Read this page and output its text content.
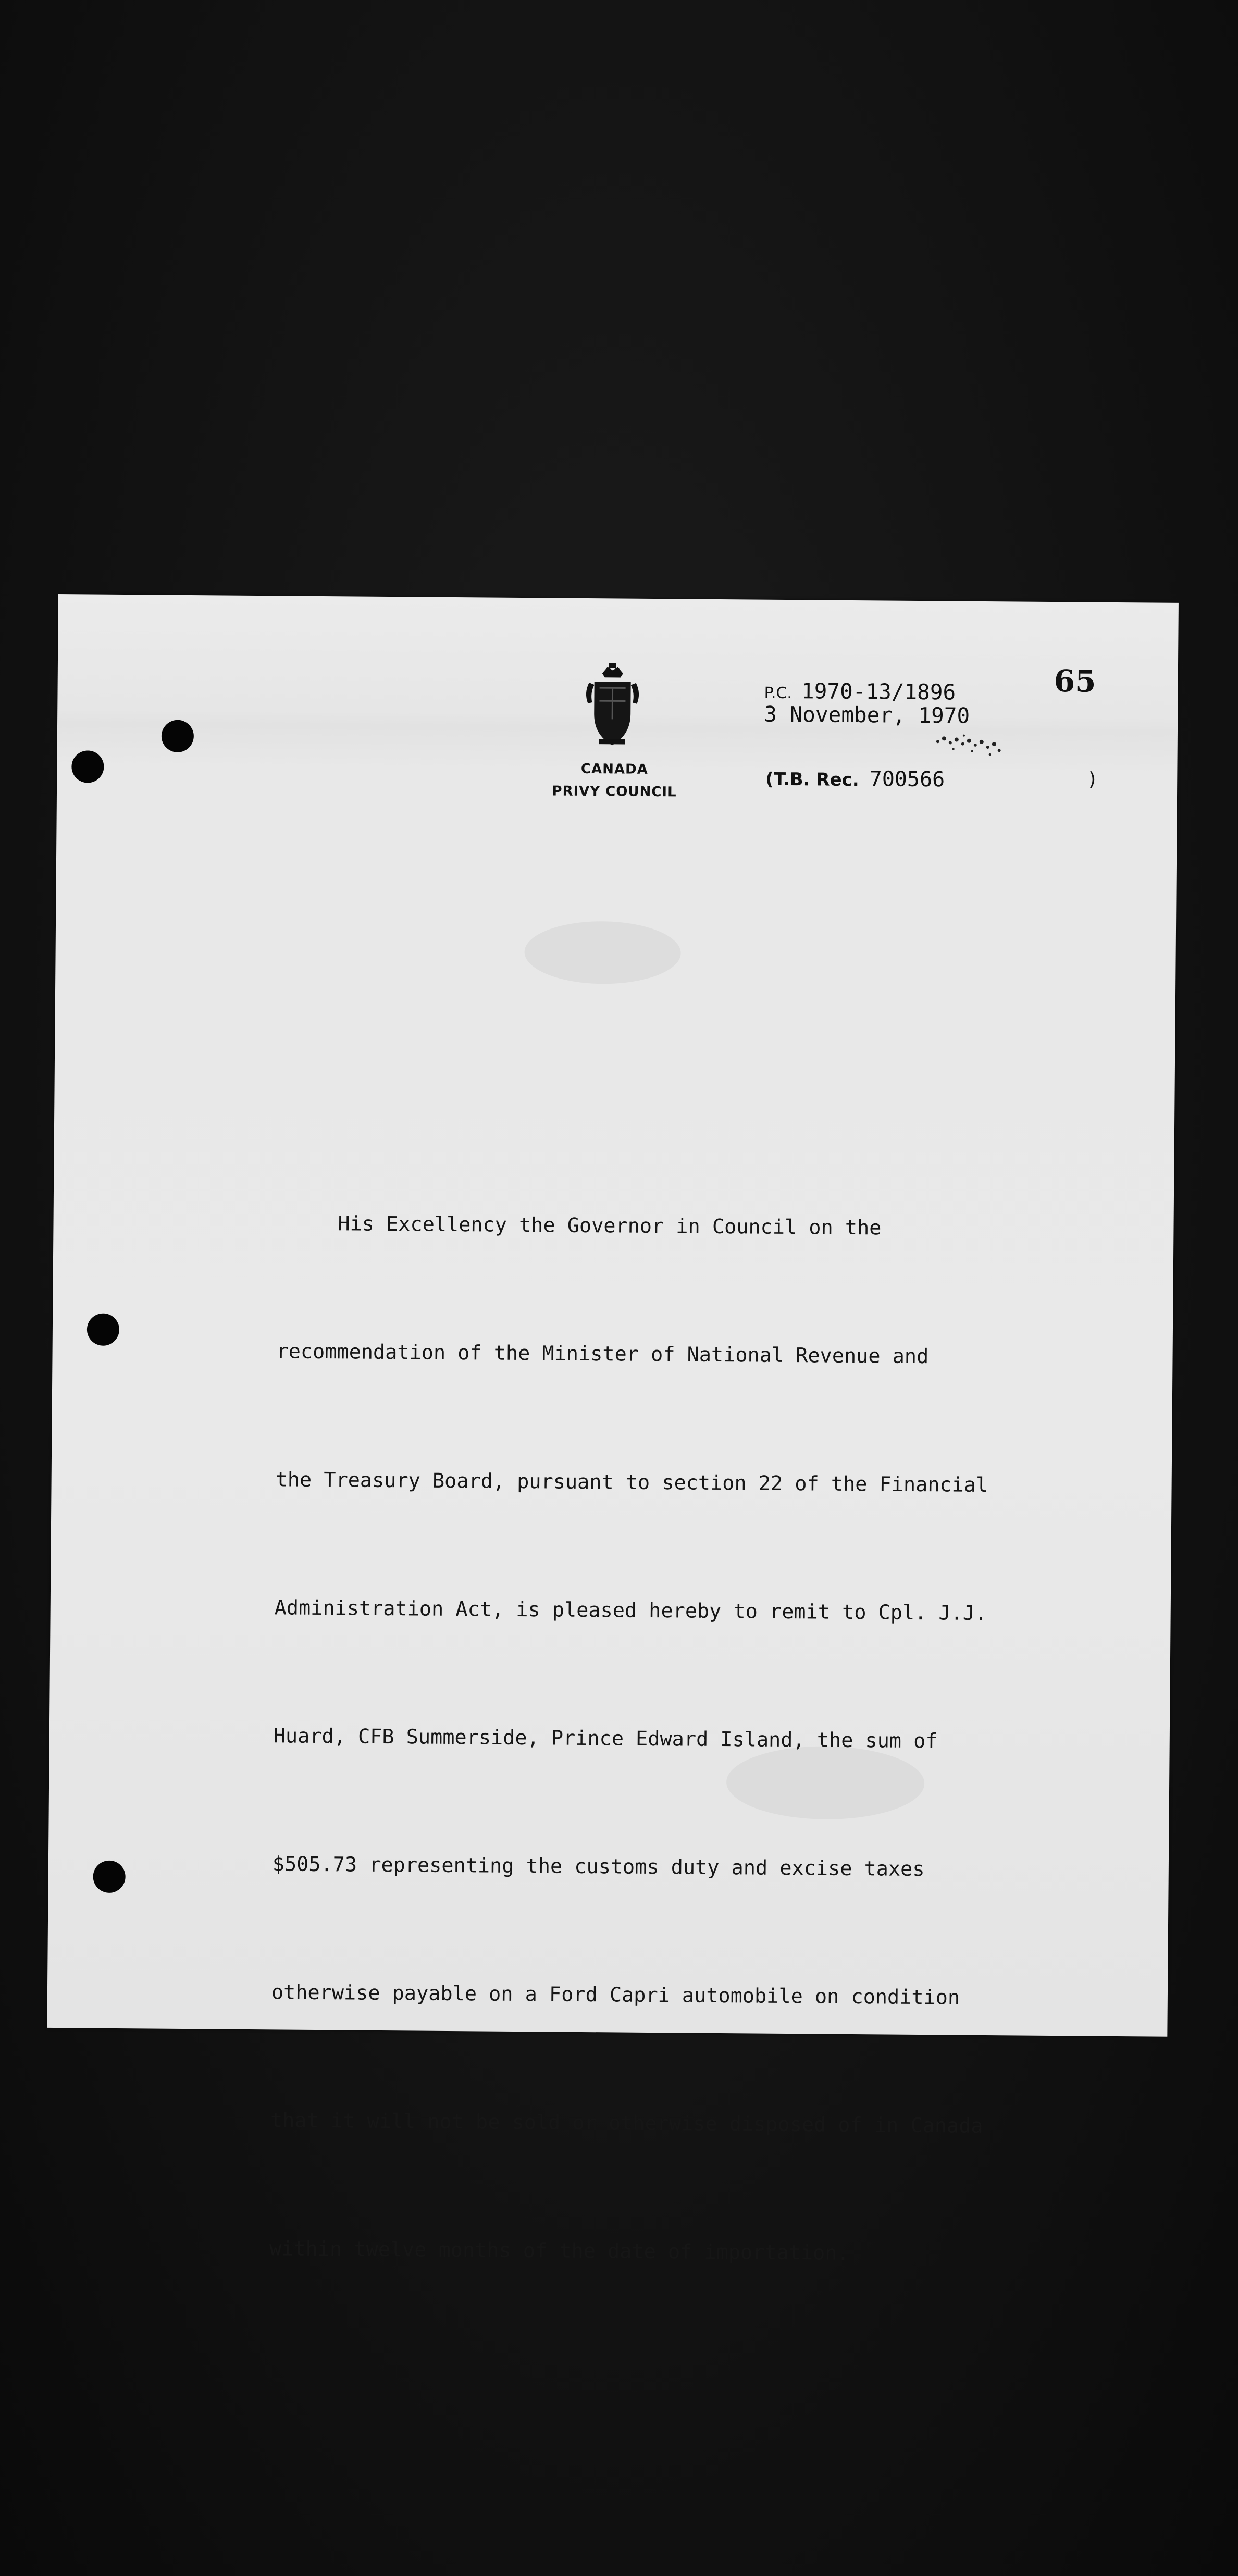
CANADA
PRIVY COUNCIL
P.C. 1970-13/1896
3 November, 1970
65
(T.B. Rec. 700566	)

His Excellency the Governor in Council on the

recommendation of the Minister of National Revenue and

the Treasury Board, pursuant to section 22 of the Financial

Administration Act, is pleased hereby to remit to Cpl. J.J.

Huard, CFB Summerside, Prince Edward Island, the sum of

$505.73 representing the customs duty and excise taxes

otherwise payable on a Ford Capri automobile on condition

that it will not be sold or otherwise disposed of in Canada

within twelve months of the date of importation.
